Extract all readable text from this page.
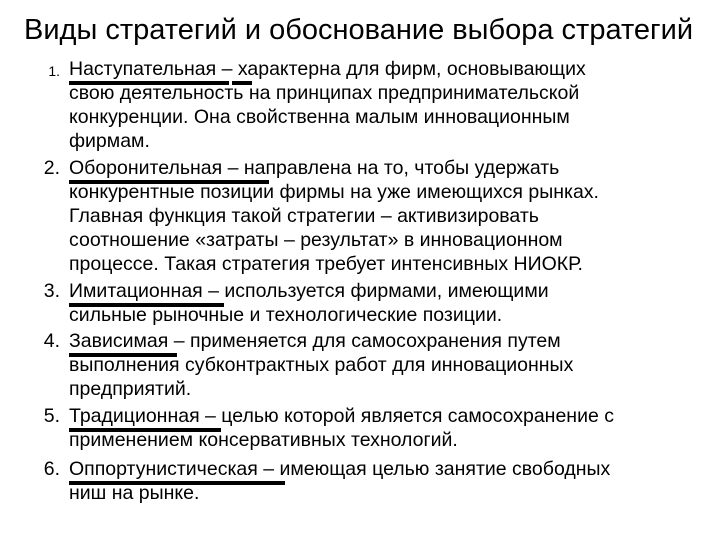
Виды стратегий и обоснование выбора стратегий
1. Наступательная – характерна для фирм, основывающих
свою деятельность на принципах предпринимательской
конкуренции. Она свойственна малым инновационным
фирмам.
2. Оборонительная – направлена на то, чтобы удержать
конкурентные позиции фирмы на уже имеющихся рынках.
Главная функция такой стратегии – активизировать
соотношение «затраты – результат» в инновационном
процессе. Такая стратегия требует интенсивных НИОКР.
3. Имитационная – используется фирмами, имеющими
сильные рыночные и технологические позиции.
4. Зависимая – применяется для самосохранения путем
выполнения субконтрактных работ для инновационных
предприятий.
5. Традиционная – целью которой является самосохранение с
применением консервативных технологий.
6. Оппортунистическая – имеющая целью занятие свободных
ниш на рынке.
